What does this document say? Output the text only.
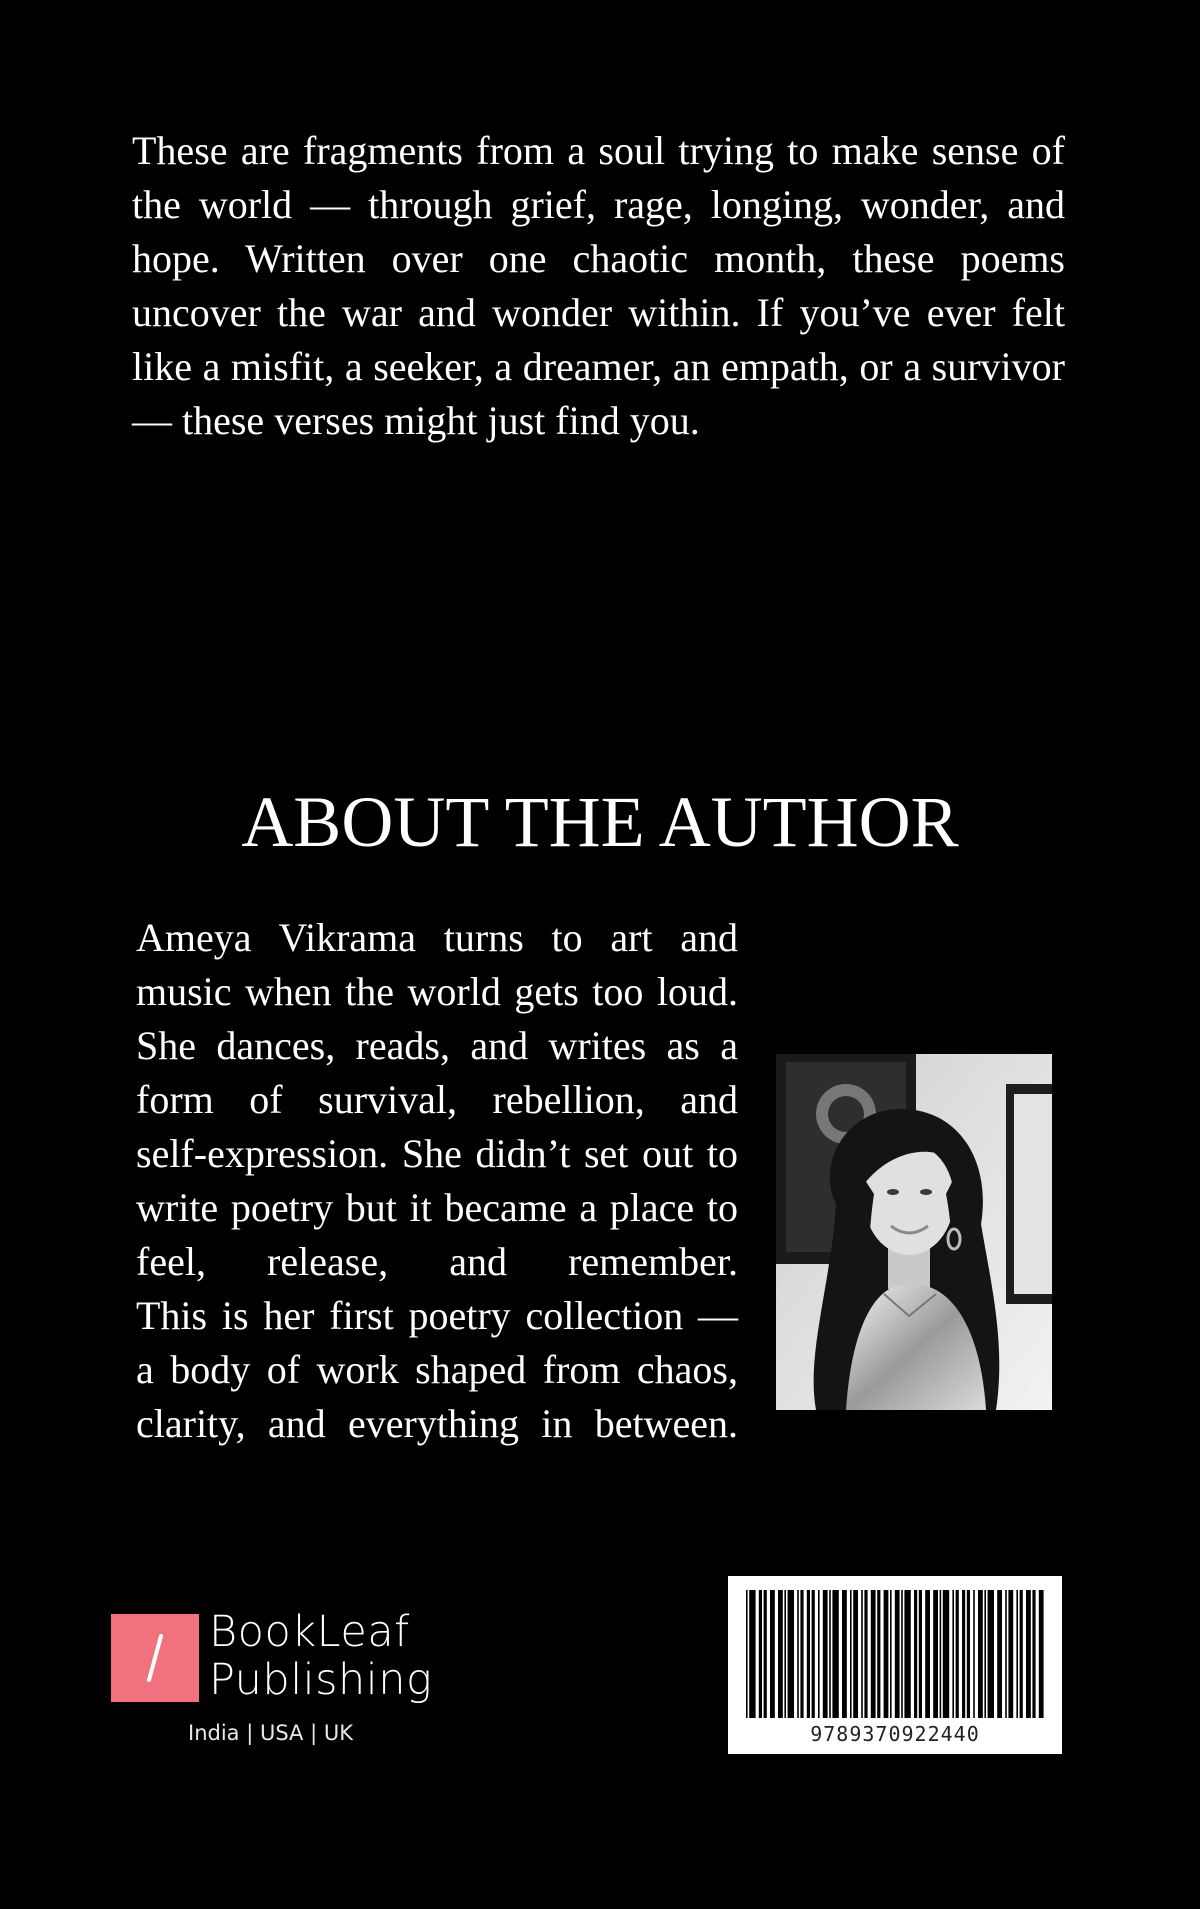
These are fragments from a soul trying to make sense of the world — through grief, rage, longing, wonder, and hope. Written over one chaotic month, these poems uncover the war and wonder within. If you’ve ever felt like a misfit, a seeker, a dreamer, an empath, or a survivor — these verses might just find you.

ABOUT THE AUTHOR
Ameya Vikrama turns to art and
music when the world gets too loud.
She dances, reads, and writes as a
form of survival, rebellion, and
self-expression. She didn’t set out to
write poetry but it became a place to
feel, release, and remember.
This is her first poetry collection —
a body of work shaped from chaos,
clarity, and everything in between.
BookLeaf
Publishing
India | USA | UK	9789370922440
